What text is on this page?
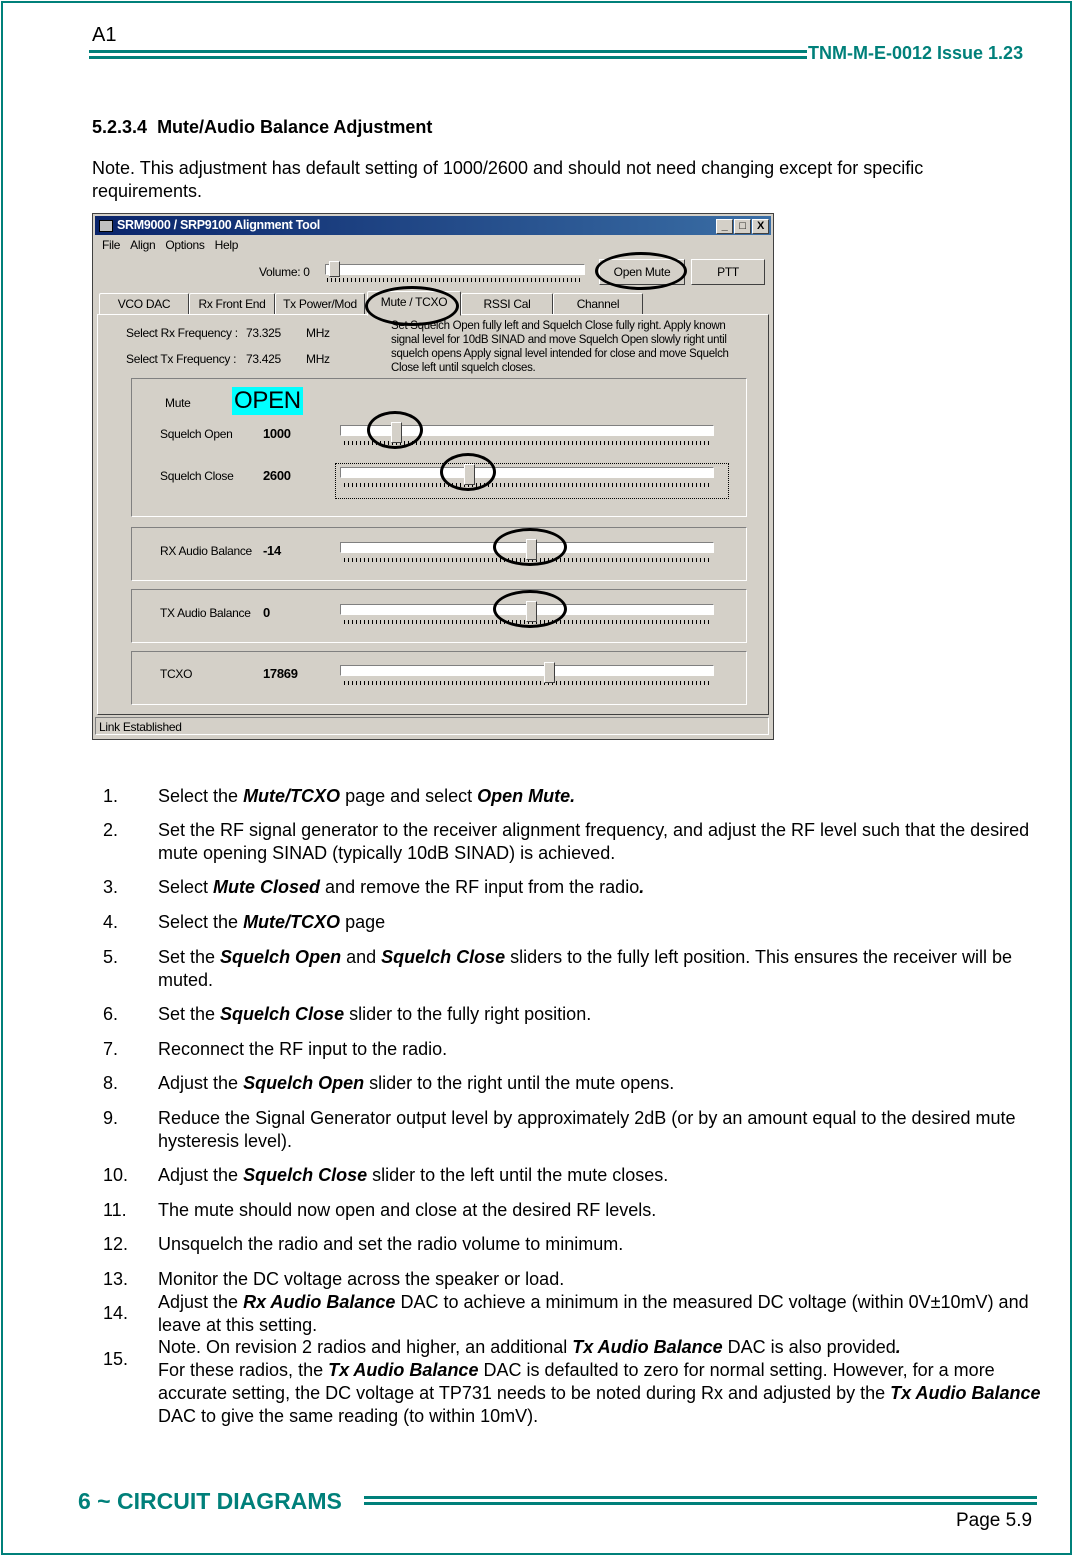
A1
TNM-M-E-0012 Issue 1.23
5.2.3.4 Mute/Audio Balance Adjustment
Note. This adjustment has default setting of 1000/2600 and should not need changing except for specific requirements.
SRM9000 / SRP9100 Alignment Tool	_	□	X
File Align Options Help
Volume: 0	Open Mute	PTT
VCO DAC	Rx Front End	Tx Power/Mod	Mute / TCXO	RSSI Cal	Channel
Select Rx Frequency : 73.325 MHz
Select Tx Frequency : 73.425 MHz
Set Squelch Open fully left and Squelch Close fully right. Apply known signal level for 10dB SINAD and move Squelch Open slowly right until squelch opens Apply signal level intended for close and move Squelch Close left until squelch closes.
Mute OPEN
Squelch Open 1000
Squelch Close 2600
RX Audio Balance -14
TX Audio Balance 0
TCXO	17869
Link Established
1. Select the Mute/TCXO page and select Open Mute.
2. Set the RF signal generator to the receiver alignment frequency, and adjust the RF level such that the desired mute opening SINAD (typically 10dB SINAD) is achieved.
3. Select Mute Closed and remove the RF input from the radio.
4. Select the Mute/TCXO page
5. Set the Squelch Open and Squelch Close sliders to the fully left position. This ensures the receiver will be muted.
6. Set the Squelch Close slider to the fully right position.
7. Reconnect the RF input to the radio.
8. Adjust the Squelch Open slider to the right until the mute opens.
9. Reduce the Signal Generator output level by approximately 2dB (or by an amount equal to the desired mute hysteresis level).
10. Adjust the Squelch Close slider to the left until the mute closes.
11. The mute should now open and close at the desired RF levels.
12. Unsquelch the radio and set the radio volume to minimum.
13. Monitor the DC voltage across the speaker or load.
14.
Adjust the Rx Audio Balance DAC to achieve a minimum in the measured DC voltage (within 0V±10mV) and leave at this setting.
15.
Note. On revision 2 radios and higher, an additional Tx Audio Balance DAC is also provided.
For these radios, the Tx Audio Balance DAC is defaulted to zero for normal setting. However, for a more accurate setting, the DC voltage at TP731 needs to be noted during Rx and adjusted by the Tx Audio Balance DAC to give the same reading (to within 10mV).
6 ~ CIRCUIT DIAGRAMS
Page 5.9
